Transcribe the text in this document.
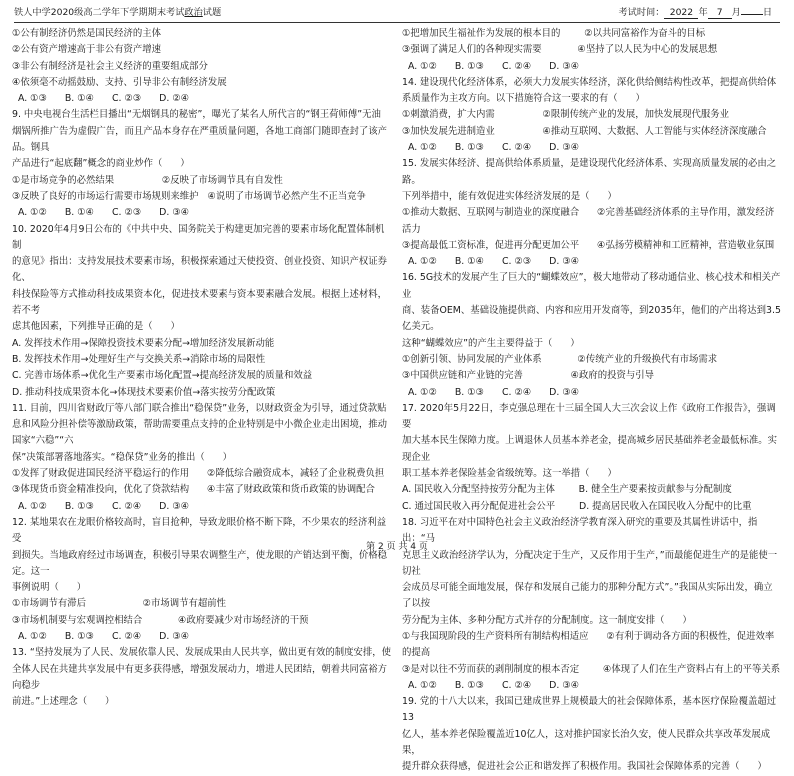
铁人中学2020级高二学年下学期期末考试政治试题	考试时间： 2022 年 7 月 日

①公有制经济仍然是国民经济的主体

②公有资产增速高于非公有资产增速

③非公有制经济是社会主义经济的重要组成部分

④依须毫不动摇鼓励、支持、引导非公有制经济发展

A. ①③      B. ①④      C. ②③      D. ②④

9. 中央电视台生活栏目播出“无烟钢具的秘密”，曝光了某名人所代言的“钢王荷师傅”无油

烟锅所推广告为虚假广告，而且产品本身存在严重质量问题，各地工商部门随即查封了该产品。钢具

产品进行“起底翻”概念的商业炒作（      ）

①是市场竞争的必然结果                ②反映了市场调节具有自发性

③反映了良好的市场运行需要市场规则来维护   ④说明了市场调节必然产生不正当竞争

A. ①②      B. ①④      C. ②③      D. ③④

10. 2020年4月9日公布的《中共中央、国务院关于构建更加完善的要素市场化配置体制机制

的意见》指出：支持发展技术要素市场，积极探索通过天使投资、创业投资、知识产权证券化、

科技保险等方式推动科技成果资本化，促进技术要素与资本要素融合发展。根据上述材料，若不考

虑其他因素，下列推导正确的是（      ）

A. 发挥技术作用→保障投资技术要素分配→增加经济发展新动能

B. 发挥技术作用→处理好生产与交换关系→消除市场的局限性

C. 完善市场体系→优化生产要素市场化配置→提高经济发展的质量和效益

D. 推动科技成果资本化→体现技术要素价值→落实按劳分配政策

11. 目前，四川省财政厅等八部门联合推出“稳保贷”业务，以财政资金为引导，通过贷款贴

息和风险分担补偿等激励政策，帮助需要重点支持的企业特别是中小微企业走出困境，推动国家“六稳”“六

保”决策部署落地落实。“稳保贷”业务的推出（      ）

①发挥了财政促进国民经济平稳运行的作用      ②降低综合融资成本，减轻了企业税费负担

③体现货币资金精准投向，优化了贷款结构      ④丰富了财政政策和货币政策的协调配合

A. ①②      B. ①③      C. ②④      D. ③④

12. 某地果农在龙眼价格较高时，盲目抢种，导致龙眼价格不断下降，不少果农的经济利益受

到损失。当地政府经过市场调查，积极引导果农调整生产，使龙眼的产销达到平衡，价格稳定。这一

事例说明（      ）

①市场调节有滞后                   ②市场调节有超前性

③市场机制要与宏观调控相结合            ④政府要减少对市场经济的干预

A. ①②      B. ①③      C. ②④      D. ③④

13. “坚持发展为了人民、发展依靠人民、发展成果由人民共享，做出更有效的制度安排，使

全体人民在共建共享发展中有更多获得感，增强发展动力，增进人民团结，朝着共同富裕方向稳步

前进。”上述理念（      ）

①把增加民生福祉作为发展的根本目的        ②以共同富裕作为奋斗的目标

③强调了满足人们的各种现实需要            ④坚持了以人民为中心的发展思想

A. ①②      B. ①③      C. ②④      D. ③④

14. 建设现代化经济体系，必须大力发展实体经济，深化供给侧结构性改革，把提高供给体

系质量作为主攻方向。以下措施符合这一要求的有（      ）

①刺激消费，扩大内需                ②限制传统产业的发展，加快发展现代服务业

③加快发展先进制造业                ④推动互联网、大数据、人工智能与实体经济深度融合

A. ①②      B. ①③      C. ②④      D. ③④

15. 发展实体经济、提高供给体系质量，是建设现代化经济体系、实现高质量发展的必由之路。

下列举措中，能有效促进实体经济发展的是（      ）

①推动大数据、互联网与制造业的深度融合      ②完善基础经济体系的主导作用，激发经济活力

③提高最低工资标准，促进再分配更加公平      ④弘扬劳模精神和工匠精神，营造敬业氛围

A. ①②      B. ①④      C. ②③      D. ③④

16. 5G技术的发展产生了巨大的“蝴蝶效应”，极大地带动了移动通信业、核心技术和相关产业

商、装备OEM、基础设施提供商、内容和应用开发商等，到2035年，他们的产出将达到3.5亿美元。

这种“蝴蝶效应”的产生主要得益于（      ）

①创新引领、协同发展的产业体系            ②传统产业的升级换代有市场需求

③中国供应链和产业链的完善                ④政府的投资与引导

A. ①②      B. ①③      C. ②④      D. ③④

17. 2020年5月22日，李克强总理在十三届全国人大三次会议上作《政府工作报告》，强调要

加大基本民生保障力度。上调退休人员基本养老金，提高城乡居民基础养老金最低标准。实现企业

职工基本养老保险基金省级统筹。这一举措（      ）

A. 国民收入分配坚持按劳分配为主体        B. 健全生产要素按贡献参与分配制度

C. 通过国民收入再分配促进社会公平        D. 提高居民收入在国民收入分配中的比重

18. 习近平在对中国特色社会主义政治经济学教育深入研究的重要及其属性讲话中，指出：“马

克思主义政治经济学认为，分配决定于生产，又反作用于生产，”而最能促进生产的是能使一切社

会成员尽可能全面地发展，保存和发展自己能力的那种分配方式”。”我国从实际出发，确立了以按

劳分配为主体、多种分配方式并存的分配制度。这一制度安排（      ）

①与我国现阶段的生产资料所有制结构相适应      ②有利于调动各方面的积极性，促进效率的提高

③是对以往不劳而获的剥削制度的根本否定        ④体现了人们在生产资料占有上的平等关系

A. ①②      B. ①③      C. ②④      D. ③④

19. 党的十八大以来，我国已建成世界上规模最大的社会保障体系，基本医疗保险覆盖超过13

亿人，基本养老保险覆盖近10亿人，这对推护国家长治久安，使人民群众共享改革发展成果，

提升群众获得感，促进社会公正和谐发挥了积极作用。我国社会保障体系的完善（      ）

第 2 页 共 4 页
